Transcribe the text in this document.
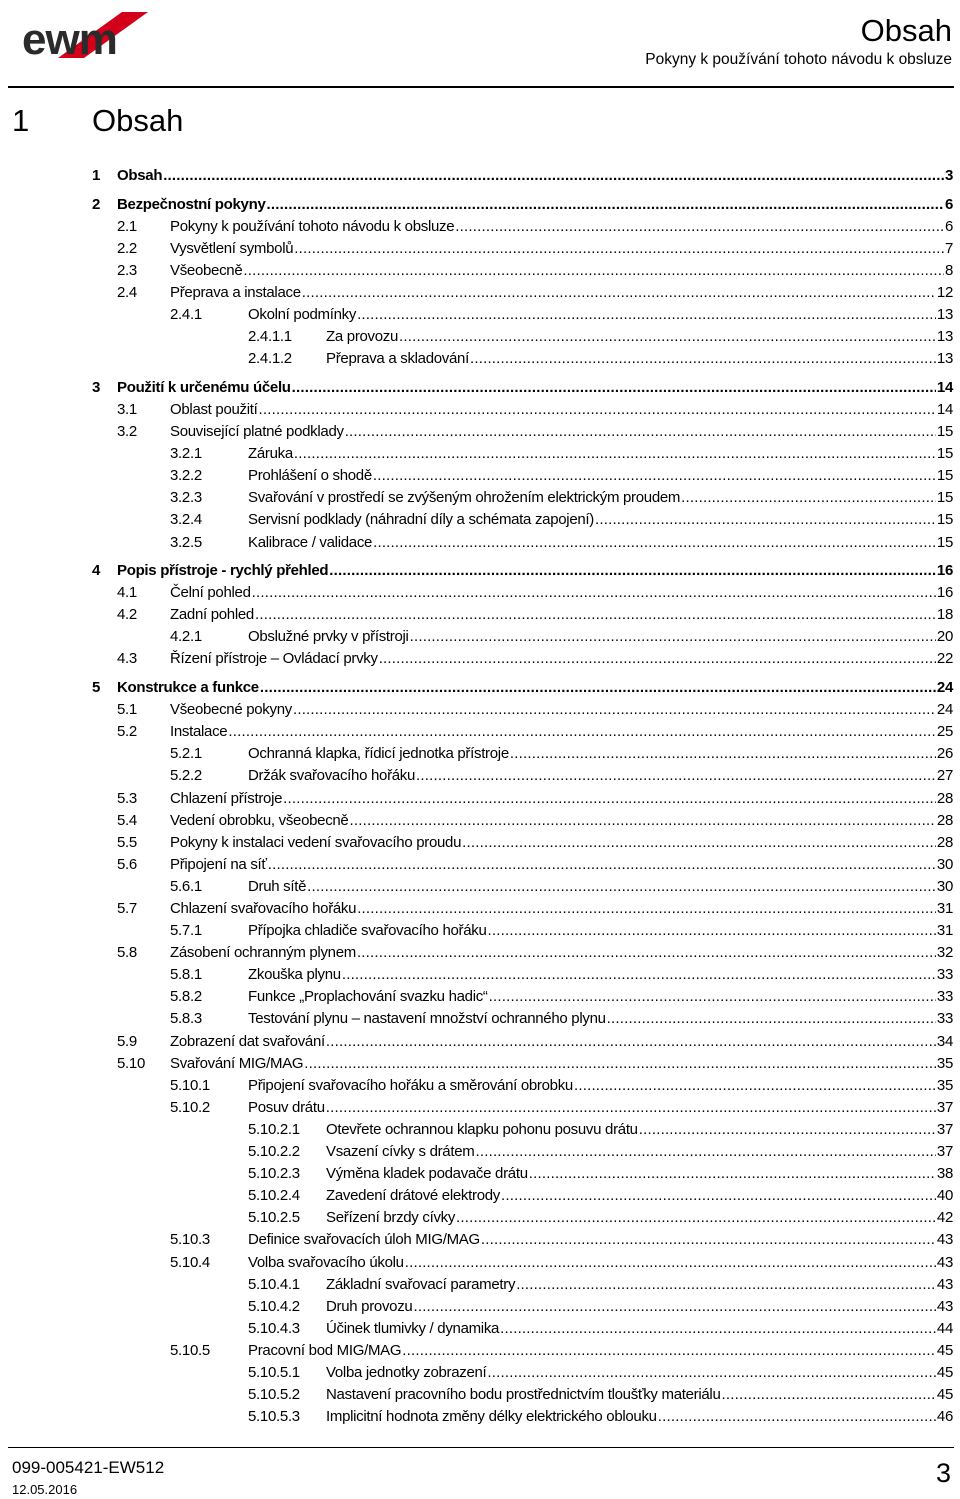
ewm	Obsah
Pokyny k používání tohoto návodu k obsluze
1 Obsah
1 Obsah .....	3
2 Bezpečnostní pokyny .....	6
2.1 Pokyny k používání tohoto návodu k obsluze .....	6
2.2 Vysvětlení symbolů .....	7
2.3 Všeobecně .....	8
2.4 Přeprava a instalace .....	12
2.4.1	Okolní podmínky .....	13
2.4.1.1 Za provozu .....	13
2.4.1.2 Přeprava a skladování .....	13
3 Použití k určenému účelu .....	14
3.1 Oblast použití .....	14
3.2 Související platné podklady .....	15
3.2.1	Záruka .....	15
3.2.2	Prohlášení o shodě .....	15
3.2.3	Svařování v prostředí se zvýšeným ohrožením elektrickým proudem .....	15
3.2.4	Servisní podklady (náhradní díly a schémata zapojení) .....	15
3.2.5	Kalibrace / validace .....	15
4 Popis přístroje - rychlý přehled .....	16
4.1 Čelní pohled .....	16
4.2 Zadní pohled .....	18
4.2.1	Obslužné prvky v přístroji .....	20
4.3 Řízení přístroje – Ovládací prvky .....	22
5 Konstrukce a funkce .....	24
5.1 Všeobecné pokyny .....	24
5.2 Instalace .....	25
5.2.1	Ochranná klapka, řídicí jednotka přístroje .....	26
5.2.2	Držák svařovacího hořáku .....	27
5.3 Chlazení přístroje .....	28
5.4 Vedení obrobku, všeobecně .....	28
5.5 Pokyny k instalaci vedení svařovacího proudu .....	28
5.6 Připojení na síť .....	30
5.6.1	Druh sítě .....	30
5.7 Chlazení svařovacího hořáku .....	31
5.7.1	Přípojka chladiče svařovacího hořáku .....	31
5.8 Zásobení ochranným plynem .....	32
5.8.1	Zkouška plynu .....	33
5.8.2	Funkce „Proplachování svazku hadic“ .....	33
5.8.3	Testování plynu – nastavení množství ochranného plynu .....	33
5.9 Zobrazení dat svařování .....	34
5.10 Svařování MIG/MAG .....	35
5.10.1	Připojení svařovacího hořáku a směrování obrobku .....	35
5.10.2	Posuv drátu .....	37
5.10.2.1 Otevřete ochrannou klapku pohonu posuvu drátu .....	37
5.10.2.2 Vsazení cívky s drátem .....	37
5.10.2.3 Výměna kladek podavače drátu .....	38
5.10.2.4 Zavedení drátové elektrody .....	40
5.10.2.5 Seřízení brzdy cívky .....	42
5.10.3	Definice svařovacích úloh MIG/MAG .....	43
5.10.4	Volba svařovacího úkolu .....	43
5.10.4.1 Základní svařovací parametry .....	43
5.10.4.2 Druh provozu .....	43
5.10.4.3 Účinek tlumivky / dynamika .....	44
5.10.5	Pracovní bod MIG/MAG .....	45
5.10.5.1 Volba jednotky zobrazení .....	45
5.10.5.2 Nastavení pracovního bodu prostřednictvím tloušťky materiálu .....	45
5.10.5.3 Implicitní hodnota změny délky elektrického oblouku .....	46
099-005421-EW512
12.05.2016
3
